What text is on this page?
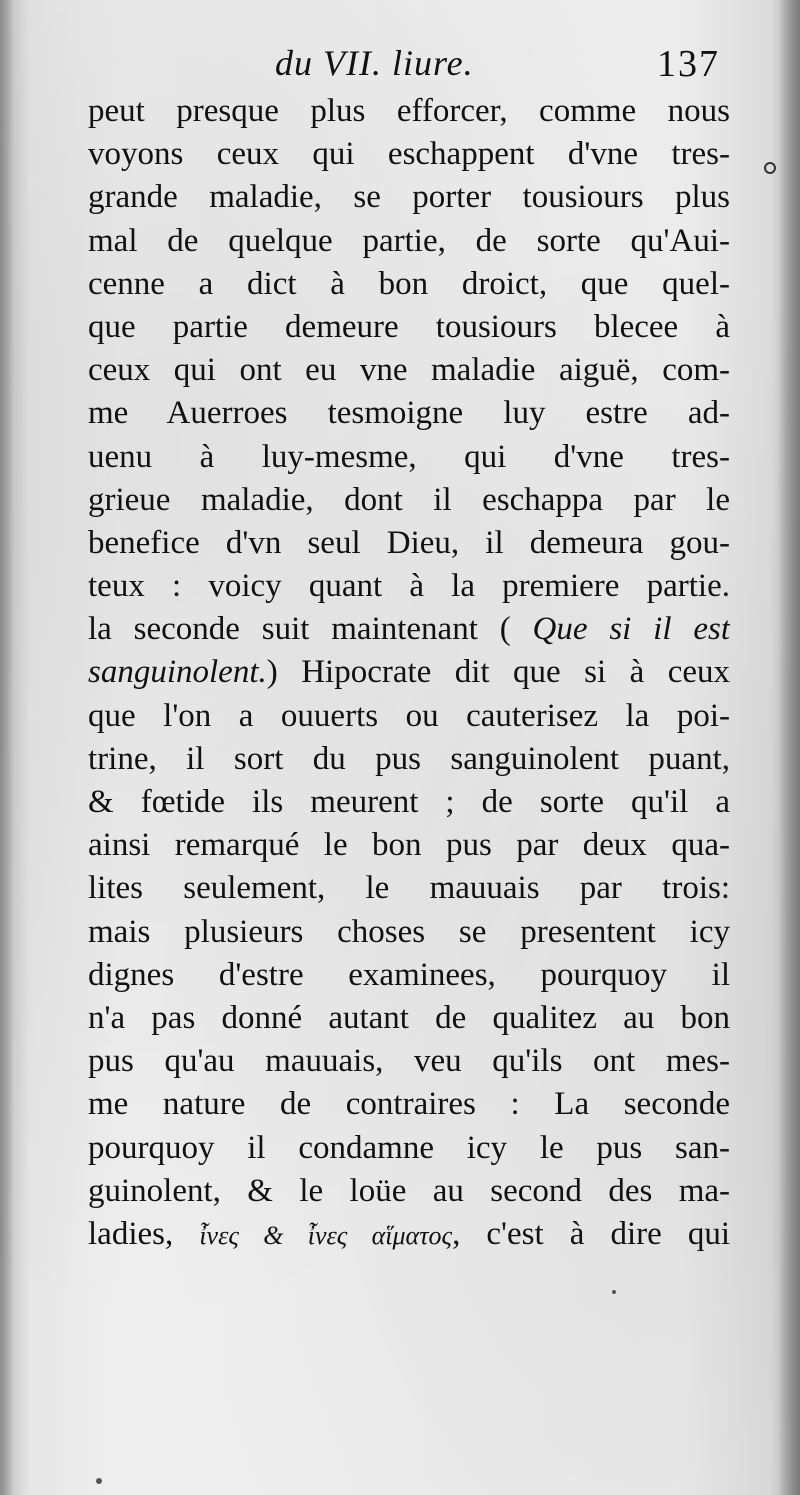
du VII. liure.	137
peut presque plus efforcer, comme nous
voyons ceux qui eschappent d'vne tres-
grande maladie, se porter tousiours plus
mal de quelque partie, de sorte qu'Aui-
cenne a dict à bon droict, que quel-
que partie demeure tousiours blecee à
ceux qui ont eu vne maladie aiguë, com-
me Auerroes tesmoigne luy estre ad-
uenu à luy-mesme, qui d'vne tres-
grieue maladie, dont il eschappa par le
benefice d'vn seul Dieu, il demeura gou-
teux : voicy quant à la premiere partie.
la seconde suit maintenant ( Que si il est
sanguinolent.) Hipocrate dit que si à ceux
que l'on a ouuerts ou cauterisez la poi-
trine, il sort du pus sanguinolent puant,
& fœtide ils meurent ; de sorte qu'il a
ainsi remarqué le bon pus par deux qua-
lites seulement, le mauuais par trois:
mais plusieurs choses se presentent icy
dignes d'estre examinees, pourquoy il
n'a pas donné autant de qualitez au bon
pus qu'au mauuais, veu qu'ils ont mes-
me nature de contraires : La seconde
pourquoy il condamne icy le pus san-
guinolent, & le loüe au second des ma-
ladies, ἶνες & ἶνες αἵματος, c'est à dire qui
